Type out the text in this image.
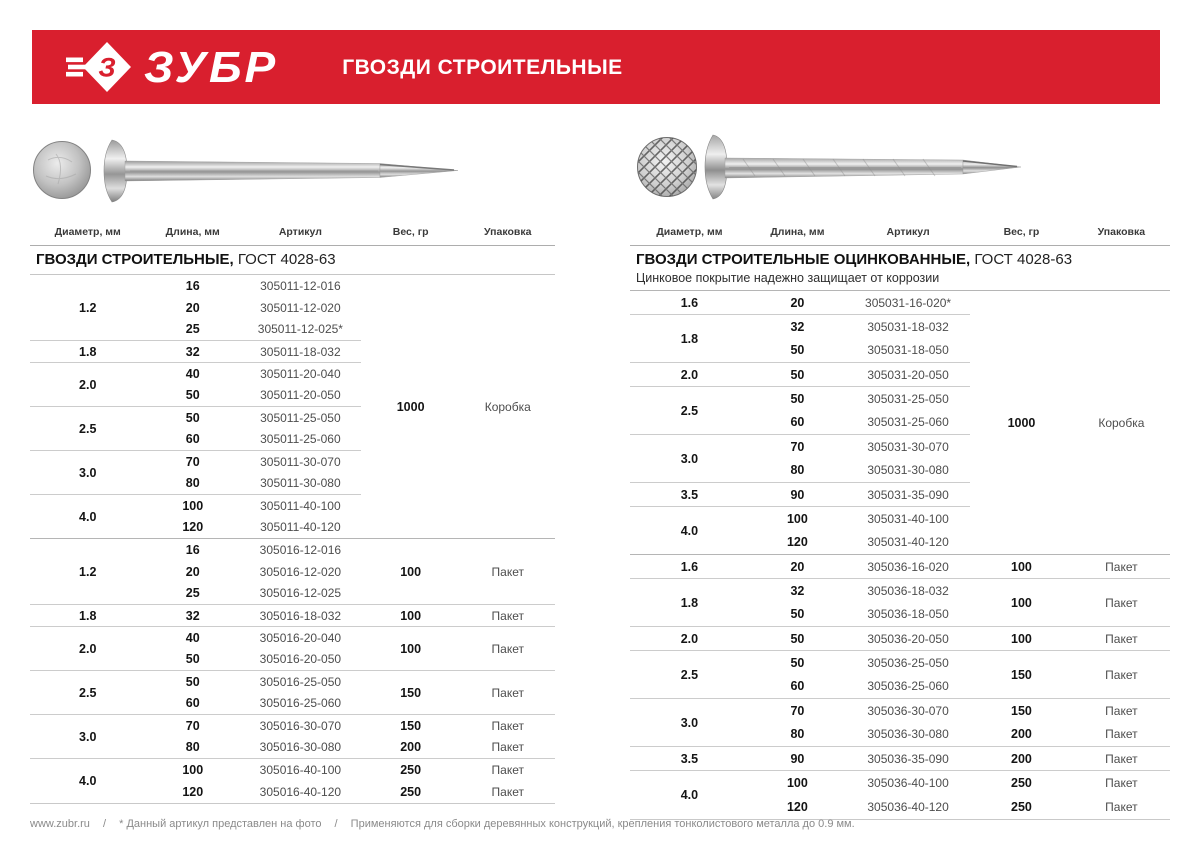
З ЗУБР	ГВОЗДИ СТРОИТЕЛЬНЫЕ
Диаметр, мм	Длина, мм	Артикул	Вес, гр	Упаковка
ГВОЗДИ СТРОИТЕЛЬНЫЕ, ГОСТ 4028-63				
1.2	16	305011-12-016	1000	Коробка
	20	305011-12-020		
	25	305011-12-025*		
1.8	32	305011-18-032		
2.0	40	305011-20-040		
	50	305011-20-050		
2.5	50	305011-25-050		
	60	305011-25-060		
3.0	70	305011-30-070		
	80	305011-30-080		
4.0	100	305011-40-100		
	120	305011-40-120		
1.2	16	305016-12-016	100	Пакет
	20	305016-12-020		
	25	305016-12-025		
1.8	32	305016-18-032	100	Пакет
2.0	40	305016-20-040	100	Пакет
	50	305016-20-050		
2.5	50	305016-25-050	150	Пакет
	60	305016-25-060		
3.0	70	305016-30-070	150	Пакет
	80	305016-30-080	200	Пакет
4.0	100	305016-40-100	250	Пакет
	120	305016-40-120	250	Пакет
Диаметр, мм	Длина, мм	Артикул	Вес, гр	Упаковка
ГВОЗДИ СТРОИТЕЛЬНЫЕ ОЦИНКОВАННЫЕ, ГОСТ 4028-63				
Цинковое покрытие надежно защищает от коррозии				
1.6	20	305031-16-020*	1000	Коробка
1.8	32	305031-18-032		
	50	305031-18-050		
2.0	50	305031-20-050		
2.5	50	305031-25-050		
	60	305031-25-060		
3.0	70	305031-30-070		
	80	305031-30-080		
3.5	90	305031-35-090		
4.0	100	305031-40-100		
	120	305031-40-120		
1.6	20	305036-16-020	100	Пакет
1.8	32	305036-18-032	100	Пакет
	50	305036-18-050		
2.0	50	305036-20-050	100	Пакет
2.5	50	305036-25-050	150	Пакет
	60	305036-25-060		
3.0	70	305036-30-070	150	Пакет
	80	305036-30-080	200	Пакет
3.5	90	305036-35-090	200	Пакет
4.0	100	305036-40-100	250	Пакет
	120	305036-40-120	250	Пакет
www.zubr.ru / * Данный артикул представлен на фото / Применяются для сборки деревянных конструкций, крепления тонколистового металла до 0.9 мм.
